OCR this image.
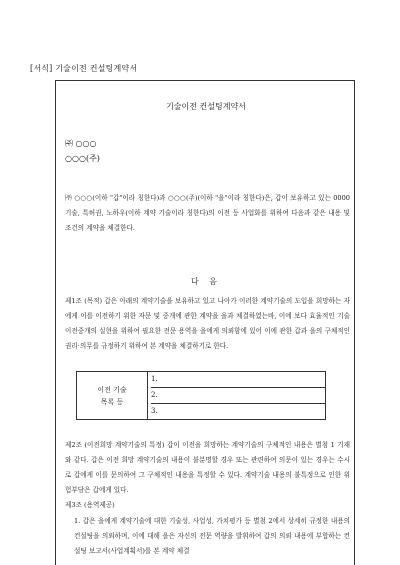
[서식] 기술이전 컨설팅계약서
기술이전 컨설팅계약서
㈜ ○○○
○○○(주)

㈜ ○○○(이하 "갑"이라 칭한다)과 ○○○(주)(이하 "을"이라 칭한다)은, 갑이 보유하고 있는 0000 기술, 특허권, 노하우(이하 계약 기술이라 칭한다)의 이전 등 사업화를 위하여 다음과 같은 내용 및 조건의 계약을 체결한다.

다 음

제1조 (목적) 갑은 아래의 계약기술을 보유하고 있고 나아가 이러한 계약기술의 도입을 희망하는 자에게 이를 이전하기 위한 자문 및 중개에 관한 계약을 을과 체결하였는바, 이에 보다 효율적인 기술이전중개의 실현을 위하여 필요한 전문 용역을 을에게 의뢰함에 있어 이에 관한 갑과 을의 구체적인 권리·의무를 규정하기 위하여 본 계약을 체결하기로 한다.

이전 기술
목록 등	
1.
2.
3.

제2조 (이전희망 계약기술의 특정) 갑이 이전을 희망하는 계약기술의 구체적인 내용은 별첨 1 기재와 같다. 갑은 이전 희망 계약기술의 내용이 불분명할 경우 또는 관련하여 의문이 있는 경우는 수시로 갑에게 이를 문의하여 그 구체적인 내용을 특정할 수 있다. 계약기술 내용의 불특정으로 인한 위험부담은 갑에게 있다.

제3조 (용역제공)

1. 갑은 을에게 계약기술에 대한 기술성, 사업성, 가치평가 등 별첨 2에서 상세히 규정한 내용의 컨설팅을 의뢰하며, 이에 대해 을은 자신의 전문 역량을 발휘하여 갑의 의뢰 내용에 부합하는 컨설팅 보고서(사업계획서)를 본 계약 체결
